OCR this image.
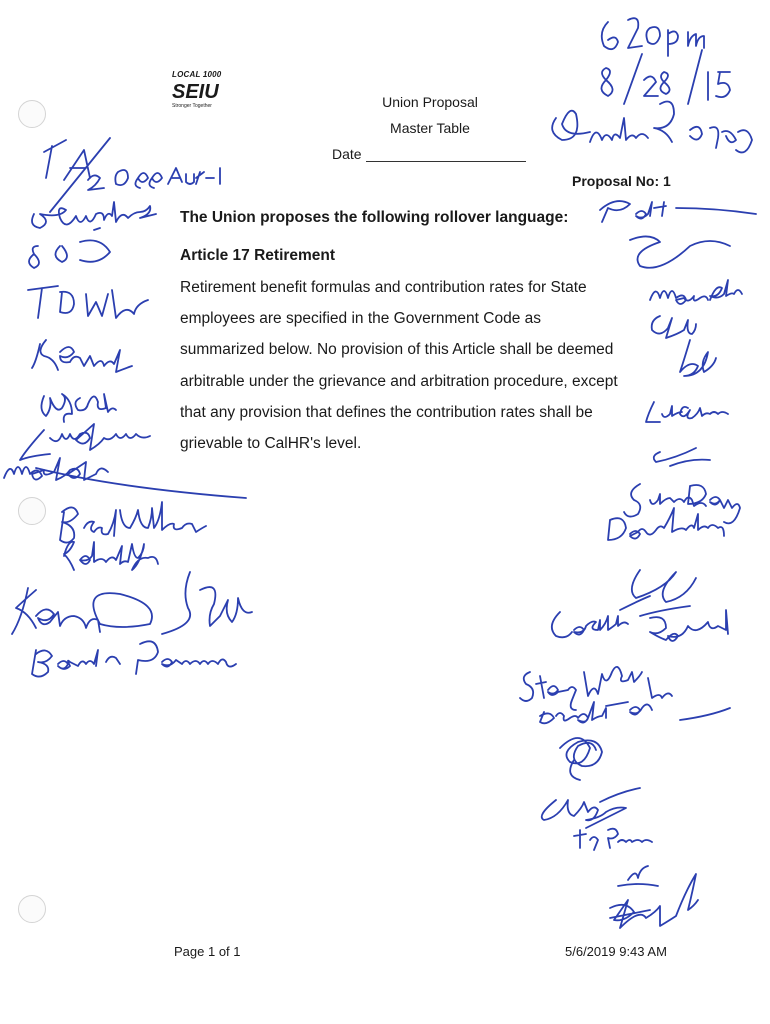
LOCAL 1000
SEIU
Stronger Together	Union Proposal
Master Table
Date
Proposal No: 1
The Union proposes the following rollover language:
Article 17 Retirement
Retirement benefit formulas and contribution rates for State
employees are specified in the Government Code as
summarized below. No provision of this Article shall be deemed
arbitrable under the grievance and arbitration procedure, except
that any provision that defines the contribution rates shall be
grievable to CalHR's level.
Page 1 of 1	5/6/2019 9:43 AM
